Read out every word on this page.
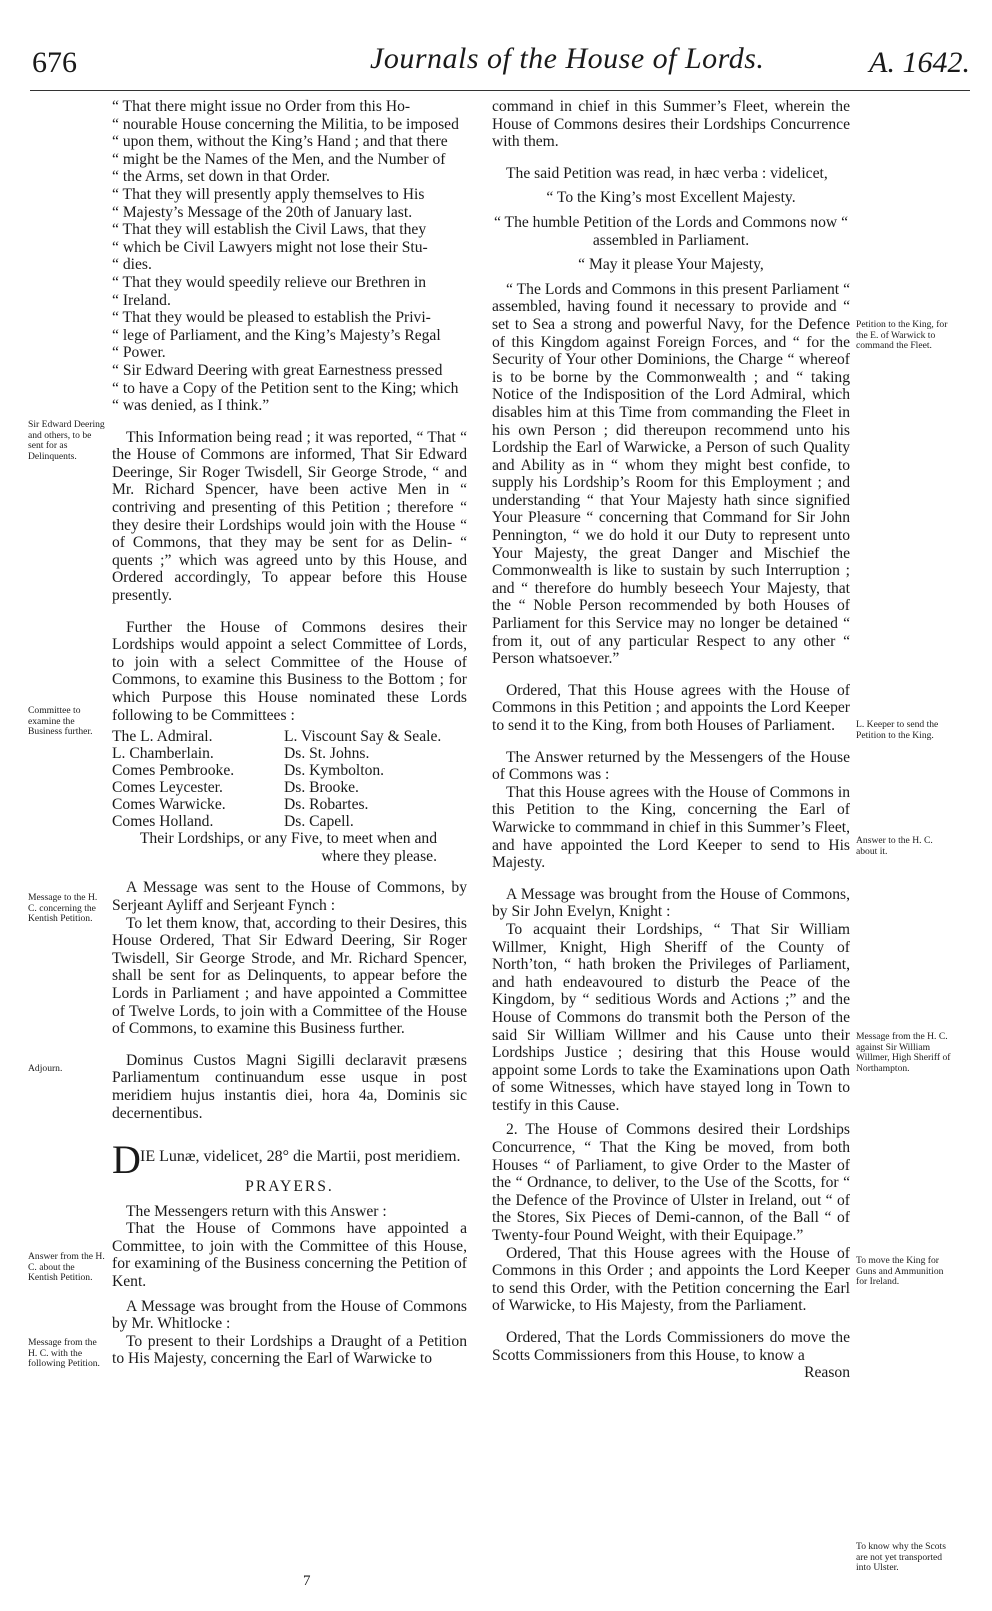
676	Journals of the House of Lords.	A. 1642.
Sir Edward Deering and others, to be sent for as Delinquents.
Committee to examine the Business further.
Message to the H. C. concerning the Kentish Petition.
Adjourn.
Answer from the H. C. about the Kentish Petition.
Message from the H. C. with the following Petition.
Petition to the King, for the E. of Warwick to command the Fleet.
L. Keeper to send the Petition to the King.
Answer to the H. C. about it.
Message from the H. C. against Sir William Willmer, High Sheriff of Northampton.
To move the King for Guns and Ammunition for Ireland.
To know why the Scots are not yet transported into Ulster.

“ That there might issue no Order from this Ho-

“ nourable House concerning the Militia, to be imposed

“ upon them, without the King’s Hand ; and that there

“ might be the Names of the Men, and the Number of

“ the Arms, set down in that Order.

“ That they will presently apply themselves to His

“ Majesty’s Message of the 20th of January last.

“ That they will establish the Civil Laws, that they

“ which be Civil Lawyers might not lose their Stu-

“ dies.

“ That they would speedily relieve our Brethren in

“ Ireland.

“ That they would be pleased to establish the Privi-

“ lege of Parliament, and the King’s Majesty’s Regal

“ Power.

“ Sir Edward Deering with great Earnestness pressed

“ to have a Copy of the Petition sent to the King; which

“ was denied, as I think.”

This Information being read ; it was reported, “ That “ the House of Commons are informed, That Sir Edward Deeringe, Sir Roger Twisdell, Sir George Strode, “ and Mr. Richard Spencer, have been active Men in “ contriving and presenting of this Petition ; therefore “ they desire their Lordships would join with the House “ of Commons, that they may be sent for as Delin- “ quents ;” which was agreed unto by this House, and Ordered accordingly, To appear before this House presently.

Further the House of Commons desires their Lordships would appoint a select Committee of Lords, to join with a select Committee of the House of Commons, to examine this Business to the Bottom ; for which Purpose this House nominated these Lords following to be Committees :

The L. Admiral.
L. Chamberlain.
Comes Pembrooke.
Comes Leycester.
Comes Warwicke.
Comes Holland.
L. Viscount Say & Seale.
Ds. St. Johns.
Ds. Kymbolton.
Ds. Brooke.
Ds. Robartes.
Ds. Capell.

Their Lordships, or any Five, to meet when and where they please.

A Message was sent to the House of Commons, by Serjeant Ayliff and Serjeant Fynch :

To let them know, that, according to their Desires, this House Ordered, That Sir Edward Deering, Sir Roger Twisdell, Sir George Strode, and Mr. Richard Spencer, shall be sent for as Delinquents, to appear before the Lords in Parliament ; and have appointed a Committee of Twelve Lords, to join with a Committee of the House of Commons, to examine this Business further.

Dominus Custos Magni Sigilli declaravit præsens Parliamentum continuandum esse usque in post meridiem hujus instantis diei, hora 4a, Dominis sic decernentibus.

D IE Lunæ, videlicet, 28° die Martii, post meridiem.

PRAYERS.

The Messengers return with this Answer :

That the House of Commons have appointed a Committee, to join with the Committee of this House, for examining of the Business concerning the Petition of Kent.

A Message was brought from the House of Commons by Mr. Whitlocke :

To present to their Lordships a Draught of a Petition to His Majesty, concerning the Earl of Warwicke to

command in chief in this Summer’s Fleet, wherein the House of Commons desires their Lordships Concurrence with them.

The said Petition was read, in hæc verba : videlicet,

“ To the King’s most Excellent Majesty.

“ The humble Petition of the Lords and Commons now “ assembled in Parliament.

“ May it please Your Majesty,

“ The Lords and Commons in this present Parliament “ assembled, having found it necessary to provide and “ set to Sea a strong and powerful Navy, for the Defence of this Kingdom against Foreign Forces, and “ for the Security of Your other Dominions, the Charge “ whereof is to be borne by the Commonwealth ; and “ taking Notice of the Indisposition of the Lord Admiral, which disables him at this Time from commanding the Fleet in his own Person ; did thereupon recommend unto his Lordship the Earl of Warwicke, a Person of such Quality and Ability as in “ whom they might best confide, to supply his Lordship’s Room for this Employment ; and understanding “ that Your Majesty hath since signified Your Pleasure “ concerning that Command for Sir John Pennington, “ we do hold it our Duty to represent unto Your Majesty, the great Danger and Mischief the Commonwealth is like to sustain by such Interruption ; and “ therefore do humbly beseech Your Majesty, that the “ Noble Person recommended by both Houses of Parliament for this Service may no longer be detained “ from it, out of any particular Respect to any other “ Person whatsoever.”

Ordered, That this House agrees with the House of Commons in this Petition ; and appoints the Lord Keeper to send it to the King, from both Houses of Parliament.

The Answer returned by the Messengers of the House of Commons was :

That this House agrees with the House of Commons in this Petition to the King, concerning the Earl of Warwicke to commmand in chief in this Summer’s Fleet, and have appointed the Lord Keeper to send to His Majesty.

A Message was brought from the House of Commons, by Sir John Evelyn, Knight :

To acquaint their Lordships, “ That Sir William Willmer, Knight, High Sheriff of the County of North’ton, “ hath broken the Privileges of Parliament, and hath endeavoured to disturb the Peace of the Kingdom, by “ seditious Words and Actions ;” and the House of Commons do transmit both the Person of the said Sir William Willmer and his Cause unto their Lordships Justice ; desiring that this House would appoint some Lords to take the Examinations upon Oath of some Witnesses, which have stayed long in Town to testify in this Cause.

2. The House of Commons desired their Lordships Concurrence, “ That the King be moved, from both Houses “ of Parliament, to give Order to the Master of the “ Ordnance, to deliver, to the Use of the Scotts, for “ the Defence of the Province of Ulster in Ireland, out “ of the Stores, Six Pieces of Demi-cannon, of the Ball “ of Twenty-four Pound Weight, with their Equipage.”

Ordered, That this House agrees with the House of Commons in this Order ; and appoints the Lord Keeper to send this Order, with the Petition concerning the Earl of Warwicke, to His Majesty, from the Parliament.

Ordered, That the Lords Commissioners do move the Scotts Commissioners from this House, to know a

Reason

7
